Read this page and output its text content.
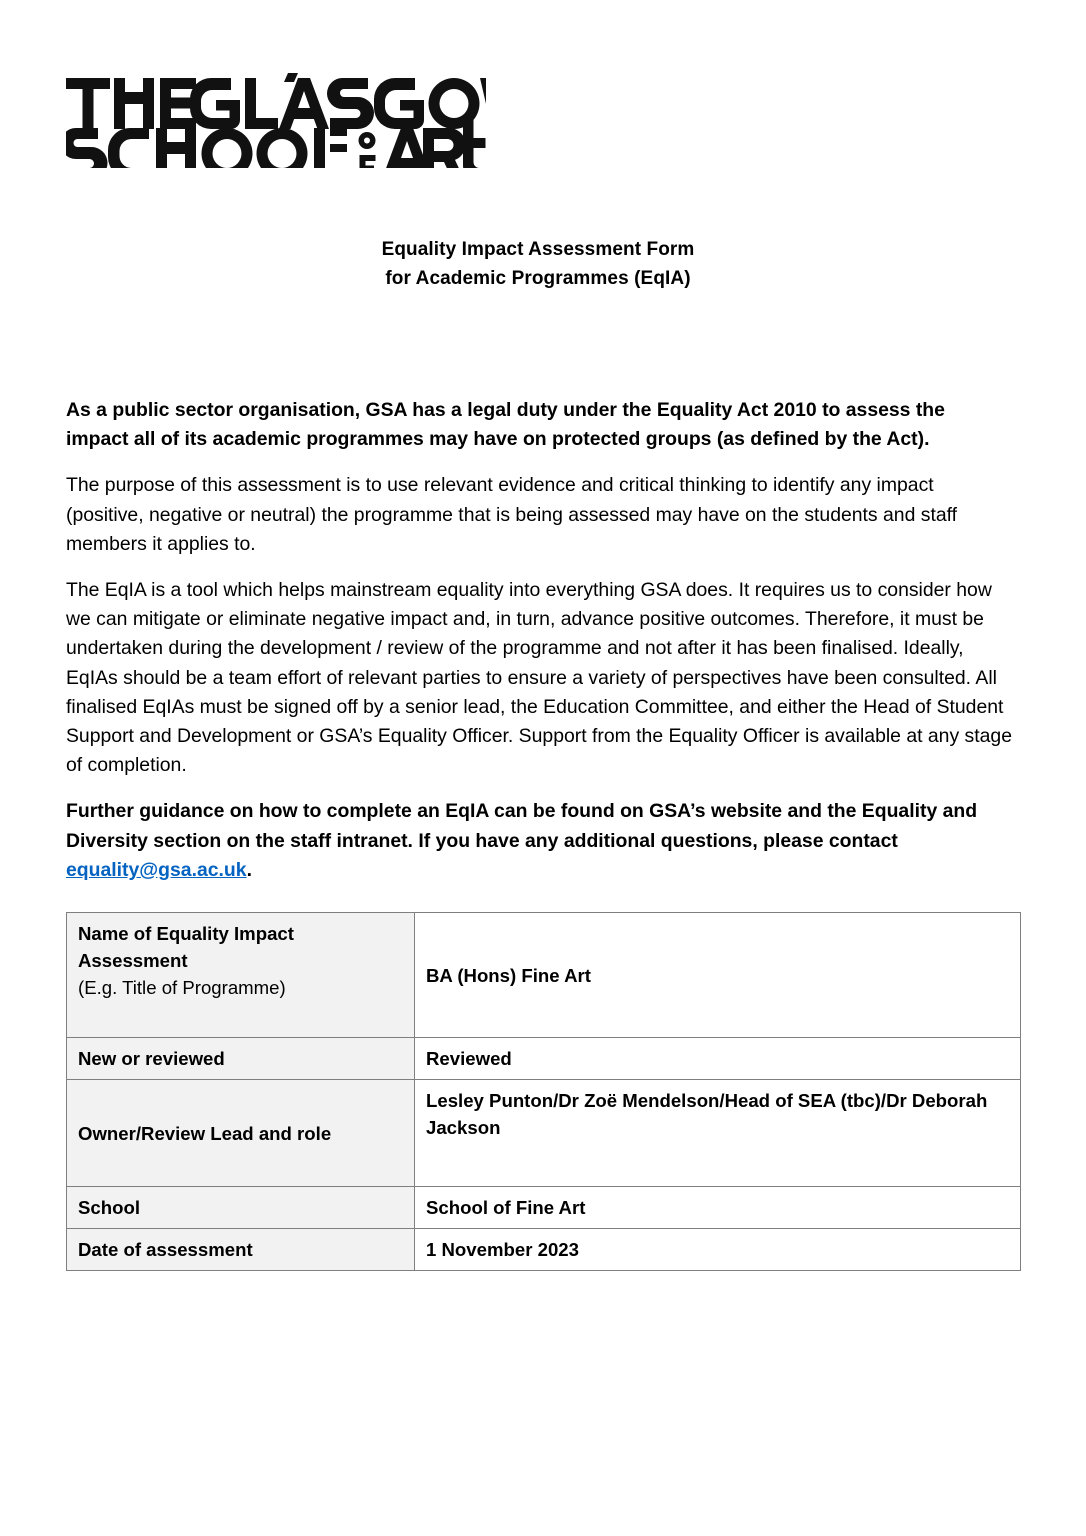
Equality Impact Assessment Form
for Academic Programmes (EqIA)

As a public sector organisation, GSA has a legal duty under the Equality Act 2010 to assess the impact all of its academic programmes may have on protected groups (as defined by the Act).

The purpose of this assessment is to use relevant evidence and critical thinking to identify any impact (positive, negative or neutral) the programme that is being assessed may have on the students and staff members it applies to.

The EqIA is a tool which helps mainstream equality into everything GSA does. It requires us to consider how we can mitigate or eliminate negative impact and, in turn, advance positive outcomes. Therefore, it must be undertaken during the development / review of the programme and not after it has been finalised. Ideally, EqIAs should be a team effort of relevant parties to ensure a variety of perspectives have been consulted. All finalised EqIAs must be signed off by a senior lead, the Education Committee, and either the Head of Student Support and Development or GSA’s Equality Officer. Support from the Equality Officer is available at any stage of completion.

Further guidance on how to complete an EqIA can be found on GSA’s website and the Equality and Diversity section on the staff intranet. If you have any additional questions, please contact equality@gsa.ac.uk.

Name of Equality Impact Assessment
(E.g. Title of Programme)	BA (Hons) Fine Art
New or reviewed	Reviewed
Owner/Review Lead and role	Lesley Punton/Dr Zoë Mendelson/Head of SEA (tbc)/Dr Deborah Jackson
School	School of Fine Art
Date of assessment	1 November 2023
